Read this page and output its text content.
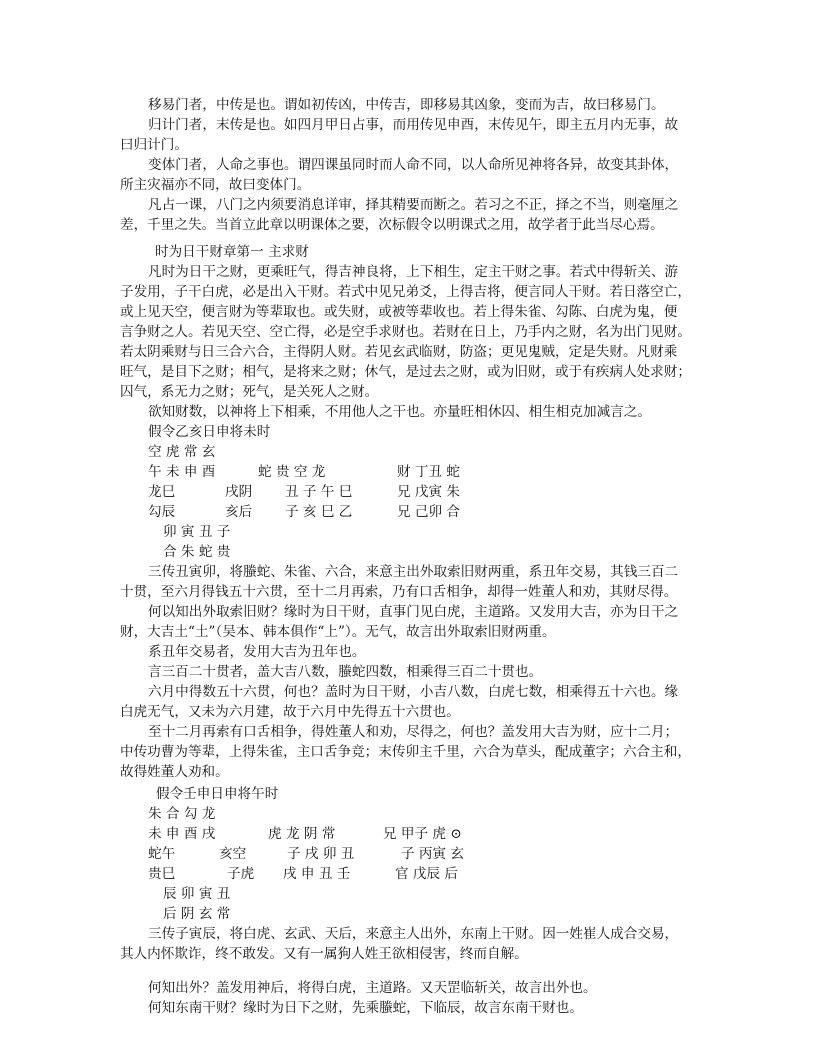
移易门者，中传是也。谓如初传凶，中传吉，即移易其凶象，变而为吉，故曰移易门。
归计门者，末传是也。如四月甲日占事，而用传见申酉，末传见午，即主五月内无事，故
曰归计门。
变体门者，人命之事也。谓四课虽同时而人命不同，以人命所见神将各异，故变其卦体，
所主灾福亦不同，故曰变体门。
凡占一课，八门之内须要消息详审，择其精要而断之。若习之不正，择之不当，则毫厘之
差，千里之失。当首立此章以明课体之要，次标假令以明课式之用，故学者于此当尽心焉。
时为日干财章第一 主求财
凡时为日干之财，更乘旺气，得吉神良将，上下相生，定主干财之事。若式中得斩关、游
子发用，子干白虎，必是出入干财。若式中见兄弟爻，上得吉将，便言同人干财。若日落空亡，
或上见天空，便言财为等辈取也。或失财，或被等辈收也。若上得朱雀、勾陈、白虎为鬼，便
言争财之人。若见天空、空亡得，必是空手求财也。若财在日上，乃手内之财，名为出门见财。
若太阴乘财与日三合六合，主得阴人财。若见玄武临财，防盗；更见鬼贼，定是失财。凡财乘
旺气，是目下之财；相气，是将来之财；休气，是过去之财，或为旧财，或于有疾病人处求财；
囚气，系无力之财；死气，是关死人之财。
欲知财数，以神将上下相乘，不用他人之干也。亦量旺相休囚、相生相克加减言之。
假令乙亥日申将未时
空 虎 常 玄
午 未 申 酉	蛇 贵 空 龙	财 丁丑 蛇
龙巳	戌阴 丑 子 午 巳	兄 戊寅 朱
勾辰	亥后 子 亥 巳 乙	兄 己卯 合
卯 寅 丑 子
合 朱 蛇 贵
三传丑寅卯，将螣蛇、朱雀、六合，来意主出外取索旧财两重，系丑年交易，其钱三百二
十贯，至六月得钱五十六贯，至十二月再索，乃有口舌相争，却得一姓董人和劝，其财尽得。
何以知出外取索旧财？缘时为日干财，直事门见白虎，主道路。又发用大吉，亦为日干之
财，大吉土“土”（吴本、韩本俱作“上”）。无气，故言出外取索旧财两重。
系丑年交易者，发用大吉为丑年也。
言三百二十贯者，盖大吉八数，螣蛇四数，相乘得三百二十贯也。
六月中得数五十六贯，何也？盖时为日干财，小吉八数，白虎七数，相乘得五十六也。缘
白虎无气，又未为六月建，故于六月中先得五十六贯也。
至十二月再索有口舌相争，得姓董人和劝，尽得之，何也？盖发用大吉为财，应十二月；
中传功曹为等辈，上得朱雀，主口舌争竞；末传卯主千里，六合为草头，配成董字；六合主和，
故得姓董人劝和。
假令壬申日申将午时
朱 合 勾 龙
未 申 酉 戌	虎 龙 阴 常	兄 甲子 虎 ⊙
蛇午	亥空	子 戌 卯 丑	子 丙寅 玄
贵巳	子虎 戌 申 丑 壬	官 戊辰 后
辰 卯 寅 丑
后 阴 玄 常
三传子寅辰，将白虎、玄武、天后，来意主人出外，东南上干财。因一姓崔人成合交易，
其人内怀欺诈，终不敢发。又有一属狗人姓王欲相侵害，终而自解。
何知出外？盖发用神后，将得白虎，主道路。又天罡临斩关，故言出外也。
何知东南干财？缘时为日下之财，先乘螣蛇，下临辰，故言东南干财也。
